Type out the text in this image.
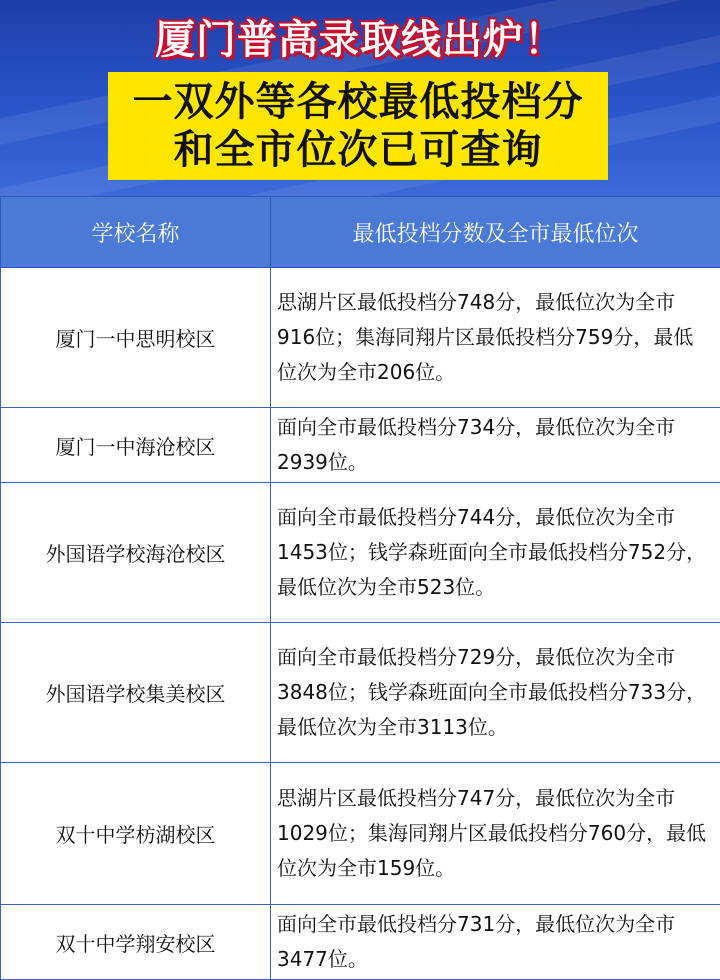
厦门普高录取线出炉！
一双外等各校最低投档分
和全市位次已可查询
学校名称	最低投档分数及全市最低位次
厦门一中思明校区	思湖片区最低投档分748分，最低位次为全市916位；集海同翔片区最低投档分759分，最低位次为全市206位。
厦门一中海沧校区	面向全市最低投档分734分，最低位次为全市2939位。
外国语学校海沧校区	面向全市最低投档分744分，最低位次为全市1453位；钱学森班面向全市最低投档分752分，最低位次为全市523位。
外国语学校集美校区	面向全市最低投档分729分，最低位次为全市3848位；钱学森班面向全市最低投档分733分，最低位次为全市3113位。
双十中学枋湖校区	思湖片区最低投档分747分，最低位次为全市1029位；集海同翔片区最低投档分760分，最低位次为全市159位。
双十中学翔安校区	面向全市最低投档分731分，最低位次为全市3477位。
